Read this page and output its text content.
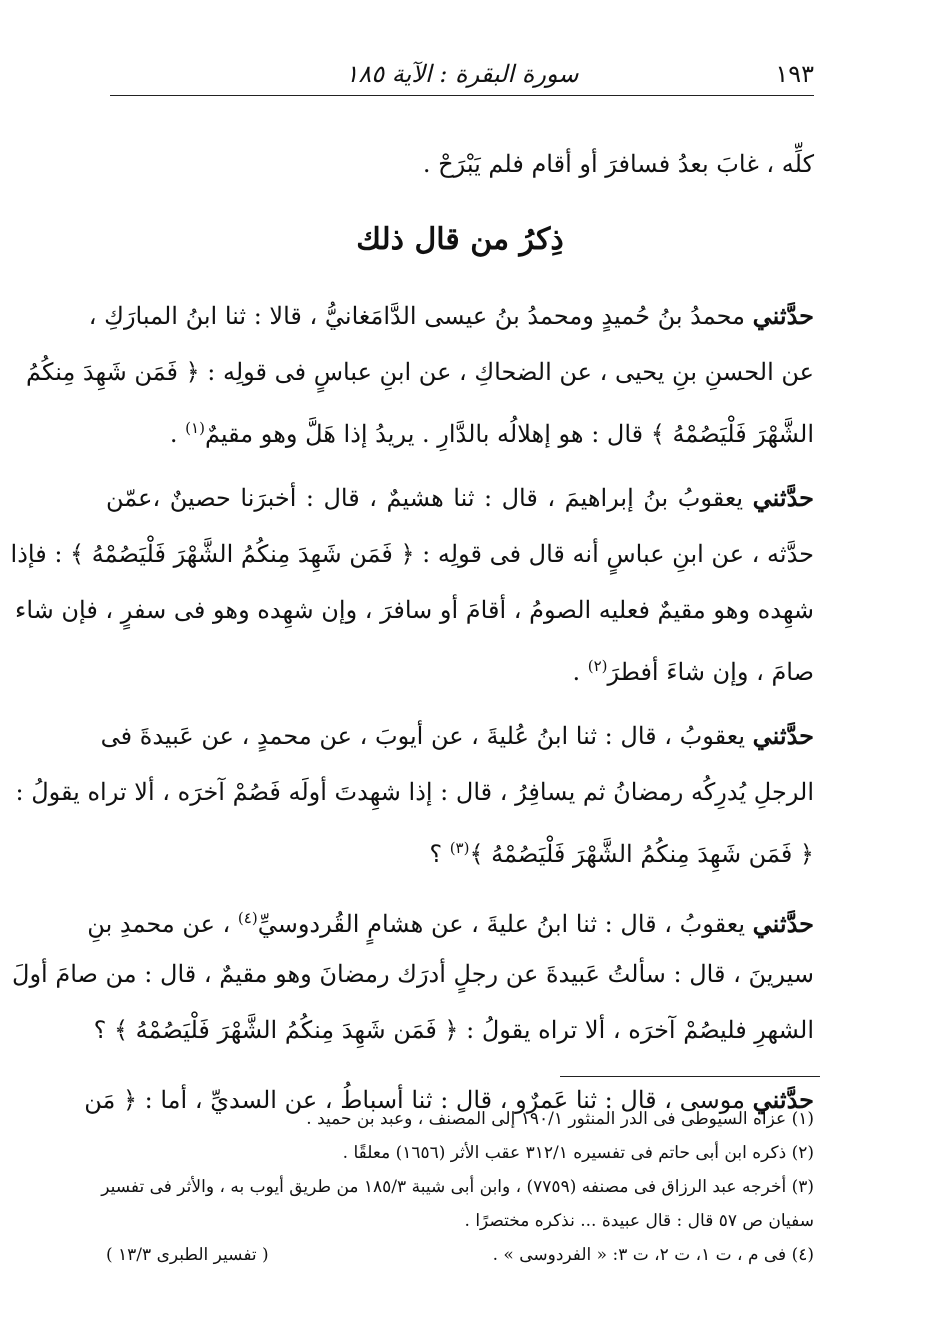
١٩٣
سورة البقرة : الآية ١٨٥
كلِّه ، غابَ بعدُ فسافرَ أو أقام فلم يَبْرَحْ .
ذِكرُ من قال ذلك
حدَّثني محمدُ بنُ حُميدٍ ومحمدُ بنُ عيسى الدَّامَغانيُّ ، قالا : ثنا ابنُ المبارَكِ ،
عن الحسنِ بنِ يحيى ، عن الضحاكِ ، عن ابنِ عباسٍ فى قولِه : ﴿ فَمَن شَهِدَ مِنكُمُ
الشَّهْرَ فَلْيَصُمْهُ ﴾ قال : هو إهلالُه بالدَّارِ . يريدُ إذا هَلَّ وهو مقيمٌ$^{(١)}$ .
حدَّثني يعقوبُ بنُ إبراهيمَ ، قال : ثنا هشيمٌ ، قال : أخبرَنا حصينٌ ،عمّن
حدَّثه ، عن ابنِ عباسٍ أنه قال فى قولِه : ﴿ فَمَن شَهِدَ مِنكُمُ الشَّهْرَ فَلْيَصُمْهُ ﴾ : فإذا
شهِده وهو مقيمٌ فعليه الصومُ ، أقامَ أو سافرَ ، وإن شهِده وهو فى سفرٍ ، فإن شاء
صامَ ، وإن شاءَ أفطرَ$^{(٢)}$ .
حدَّثني يعقوبُ ، قال : ثنا ابنُ عُليةَ ، عن أيوبَ ، عن محمدٍ ، عن عَبيدةَ فى
الرجلِ يُدرِكُه رمضانُ ثم يسافِرُ ، قال : إذا شهِدتَ أولَه فَصُمْ آخرَه ، ألا تراه يقولُ :
﴿ فَمَن شَهِدَ مِنكُمُ الشَّهْرَ فَلْيَصُمْهُ ﴾$^{(٣)}$ ؟
حدَّثني يعقوبُ ، قال : ثنا ابنُ عليةَ ، عن هشامٍ القُردوسيِّ$^{(٤)}$ ، عن محمدِ بنِ
سيرينَ ، قال : سألتُ عَبيدةَ عن رجلٍ أدرَك رمضانَ وهو مقيمٌ ، قال : من صامَ أولَ
الشهرِ فليصُمْ آخرَه ، ألا تراه يقولُ : ﴿ فَمَن شَهِدَ مِنكُمُ الشَّهْرَ فَلْيَصُمْهُ ﴾ ؟
حدَّثني موسى ، قال : ثنا عَمرٌو ، قال : ثنا أسباطُ ، عن السديِّ ، أما : ﴿ مَن
(١) عزاه السيوطى فى الدر المنثور ١٩٠/١ إلى المصنف ، وعبد بن حميد .
(٢) ذكره ابن أبى حاتم فى تفسيره ٣١٢/١ عقب الأثر (١٦٥٦) معلقًا .
(٣) أخرجه عبد الرزاق فى مصنفه (٧٧٥٩) ، وابن أبى شيبة ١٨٥/٣ من طريق أيوب به ، والأثر فى تفسير
سفيان ص ٥٧ قال : قال عبيدة ... نذكره مختصرًا .
(٤) فى م ، ت ١، ت ٢، ت ٣: « الفردوسى » .
( تفسير الطبرى ١٣/٣ )
